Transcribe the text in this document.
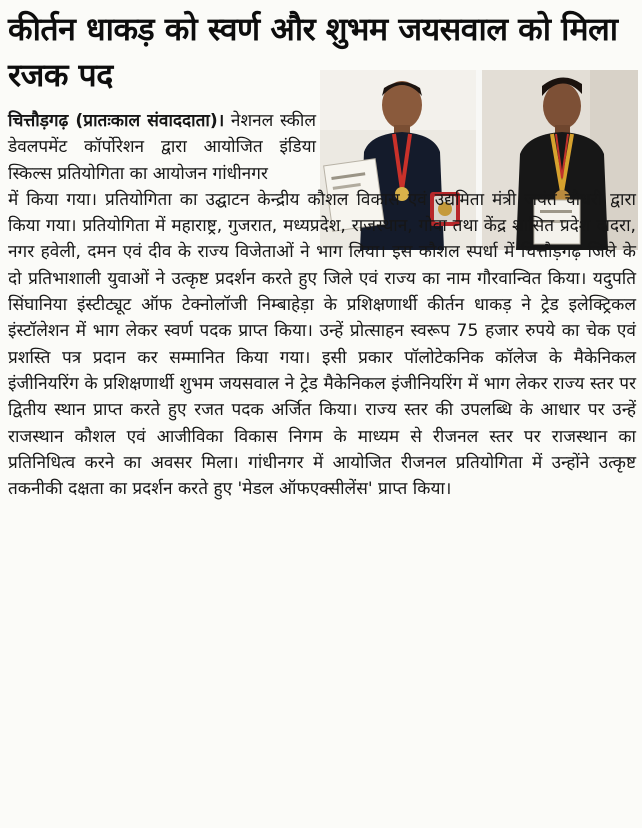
कीर्तन धाकड़ को स्वर्ण और शुभम जयसवाल को मिला रजक पद

चित्तौड़गढ़ (प्रातःकाल संवाददाता)। नेशनल स्कील डेवलपमेंट कॉर्पोरेशन द्वारा आयोजित इंडिया स्किल्स प्रतियोगिता का आयोजन गांधीनगर

में किया गया। प्रतियोगिता का उद्घाटन केन्द्रीय कौशल विकास एवं उद्यमिता मंत्री जयंत चौधरी द्वारा किया गया। प्रतियोगिता में महाराष्ट्र, गुजरात, मध्यप्रदेश, राजस्थान, गोवा तथा केंद्र शासित प्रदेश दादरा, नगर हवेली, दमन एवं दीव के राज्य विजेताओं ने भाग लिया। इस कौशल स्पर्धा में चित्तौड़गढ़ जिले के दो प्रतिभाशाली युवाओं ने उत्कृष्ट प्रदर्शन करते हुए जिले एवं राज्य का नाम गौरवान्वित किया। यदुपति सिंघानिया इंस्टीट्यूट ऑफ टेक्नोलॉजी निम्बाहेड़ा के प्रशिक्षणार्थी कीर्तन धाकड़ ने ट्रेड इलेक्ट्रिकल इंस्टॉलेशन में भाग लेकर स्वर्ण पदक प्राप्त किया। उन्हें प्रोत्साहन स्वरूप 75 हजार रुपये का चेक एवं प्रशस्ति पत्र प्रदान कर सम्मानित किया गया। इसी प्रकार पॉलोटेकनिक कॉलेज के मैकेनिकल इंजीनियरिंग के प्रशिक्षणार्थी शुभम जयसवाल ने ट्रेड मैकेनिकल इंजीनियरिंग में भाग लेकर राज्य स्तर पर द्वितीय स्थान प्राप्त करते हुए रजत पदक अर्जित किया। राज्य स्तर की उपलब्धि के आधार पर उन्हें राजस्थान कौशल एवं आजीविका विकास निगम के माध्यम से रीजनल स्तर पर राजस्थान का प्रतिनिधित्व करने का अवसर मिला। गांधीनगर में आयोजित रीजनल प्रतियोगिता में उन्होंने उत्कृष्ट तकनीकी दक्षता का प्रदर्शन करते हुए 'मेडल ऑफएक्सीलेंस' प्राप्त किया।
